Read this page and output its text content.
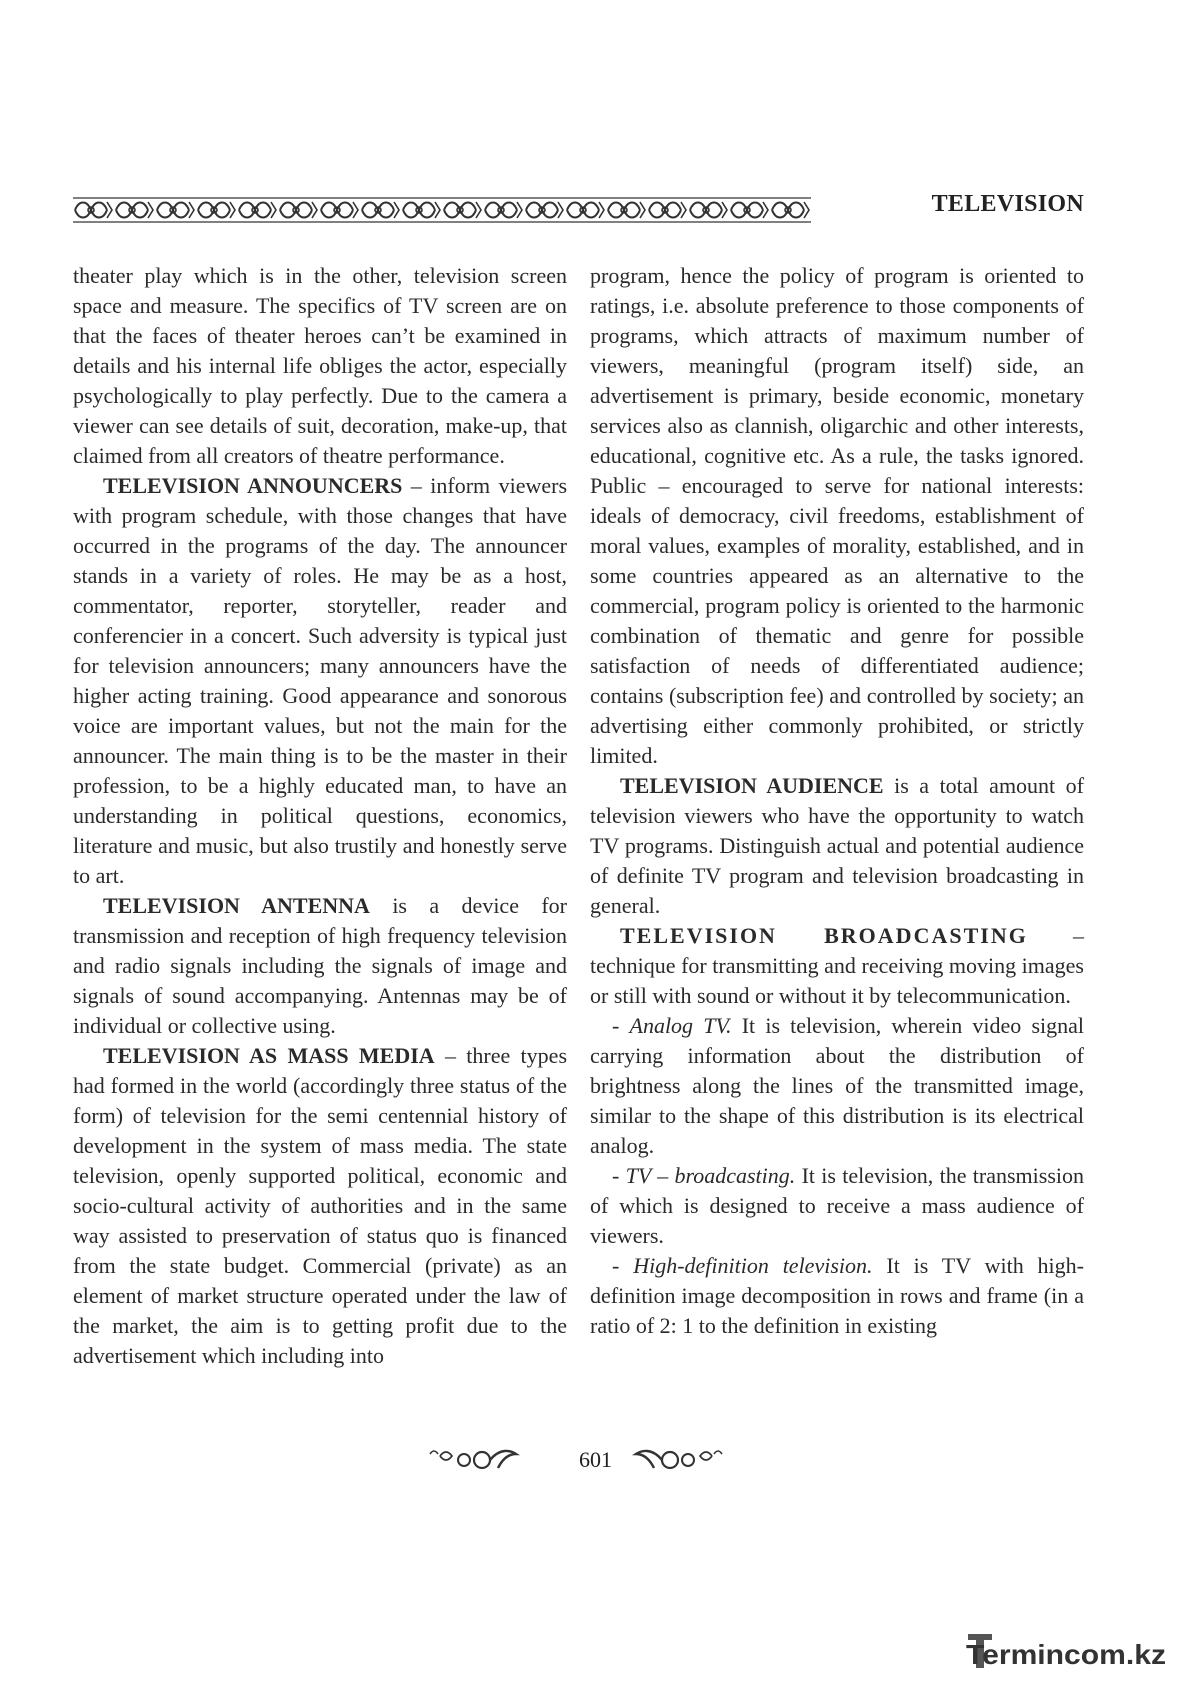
TELEVISION

theater play which is in the other, television screen space and measure. The specifics of TV screen are on that the faces of theater heroes can’t be examined in details and his internal life obliges the actor, especially psychologically to play perfectly. Due to the camera a viewer can see details of suit, decoration, make-up, that claimed from all creators of theatre performance.

TELEVISION ANNOUNCERS – inform viewers with program schedule, with those changes that have occurred in the programs of the day. The announcer stands in a variety of roles. He may be as a host, commentator, reporter, storyteller, reader and conferencier in a concert. Such adversity is typical just for television announcers; many announcers have the higher acting training. Good appearance and sonorous voice are important values, but not the main for the announcer. The main thing is to be the master in their profession, to be a highly educated man, to have an understanding in political questions, economics, literature and music, but also trustily and honestly serve to art.

TELEVISION ANTENNA is a device for transmission and reception of high frequency television and radio signals including the signals of image and signals of sound accompanying. Antennas may be of individual or collective using.

TELEVISION AS MASS MEDIA – three types had formed in the world (accordingly three status of the form) of television for the semi centennial history of development in the system of mass media. The state television, openly supported political, economic and socio-cultural activity of authorities and in the same way assisted to preservation of status quo is financed from the state budget. Commercial (private) as an element of market structure operated under the law of the market, the aim is to getting profit due to the advertisement which including into

program, hence the policy of program is oriented to ratings, i.e. absolute preference to those components of programs, which attracts of maximum number of viewers, meaningful (program itself) side, an advertisement is primary, beside economic, monetary services also as clannish, oligarchic and other interests, educational, cognitive etc. As a rule, the tasks ignored. Public – encouraged to serve for national interests: ideals of democracy, civil freedoms, establishment of moral values, examples of morality, established, and in some countries appeared as an alternative to the commercial, program policy is oriented to the harmonic combination of thematic and genre for possible satisfaction of needs of differentiated audience; contains (subscription fee) and controlled by society; an advertising either commonly prohibited, or strictly limited.

TELEVISION AUDIENCE is a total amount of television viewers who have the opportunity to watch TV programs. Distinguish actual and potential audience of definite TV program and television broadcasting in general.

TELEVISION BROADCASTING – technique for transmitting and receiving moving images or still with sound or without it by telecommunication.

- Analog TV. It is television, wherein video signal carrying information about the distribution of brightness along the lines of the transmitted image, similar to the shape of this distribution is its electrical analog.

- TV – broadcasting. It is television, the transmission of which is designed to receive a mass audience of viewers.

- High-definition television. It is TV with high-definition image decomposition in rows and frame (in a ratio of 2: 1 to the definition in existing

601
Termincom.kz
